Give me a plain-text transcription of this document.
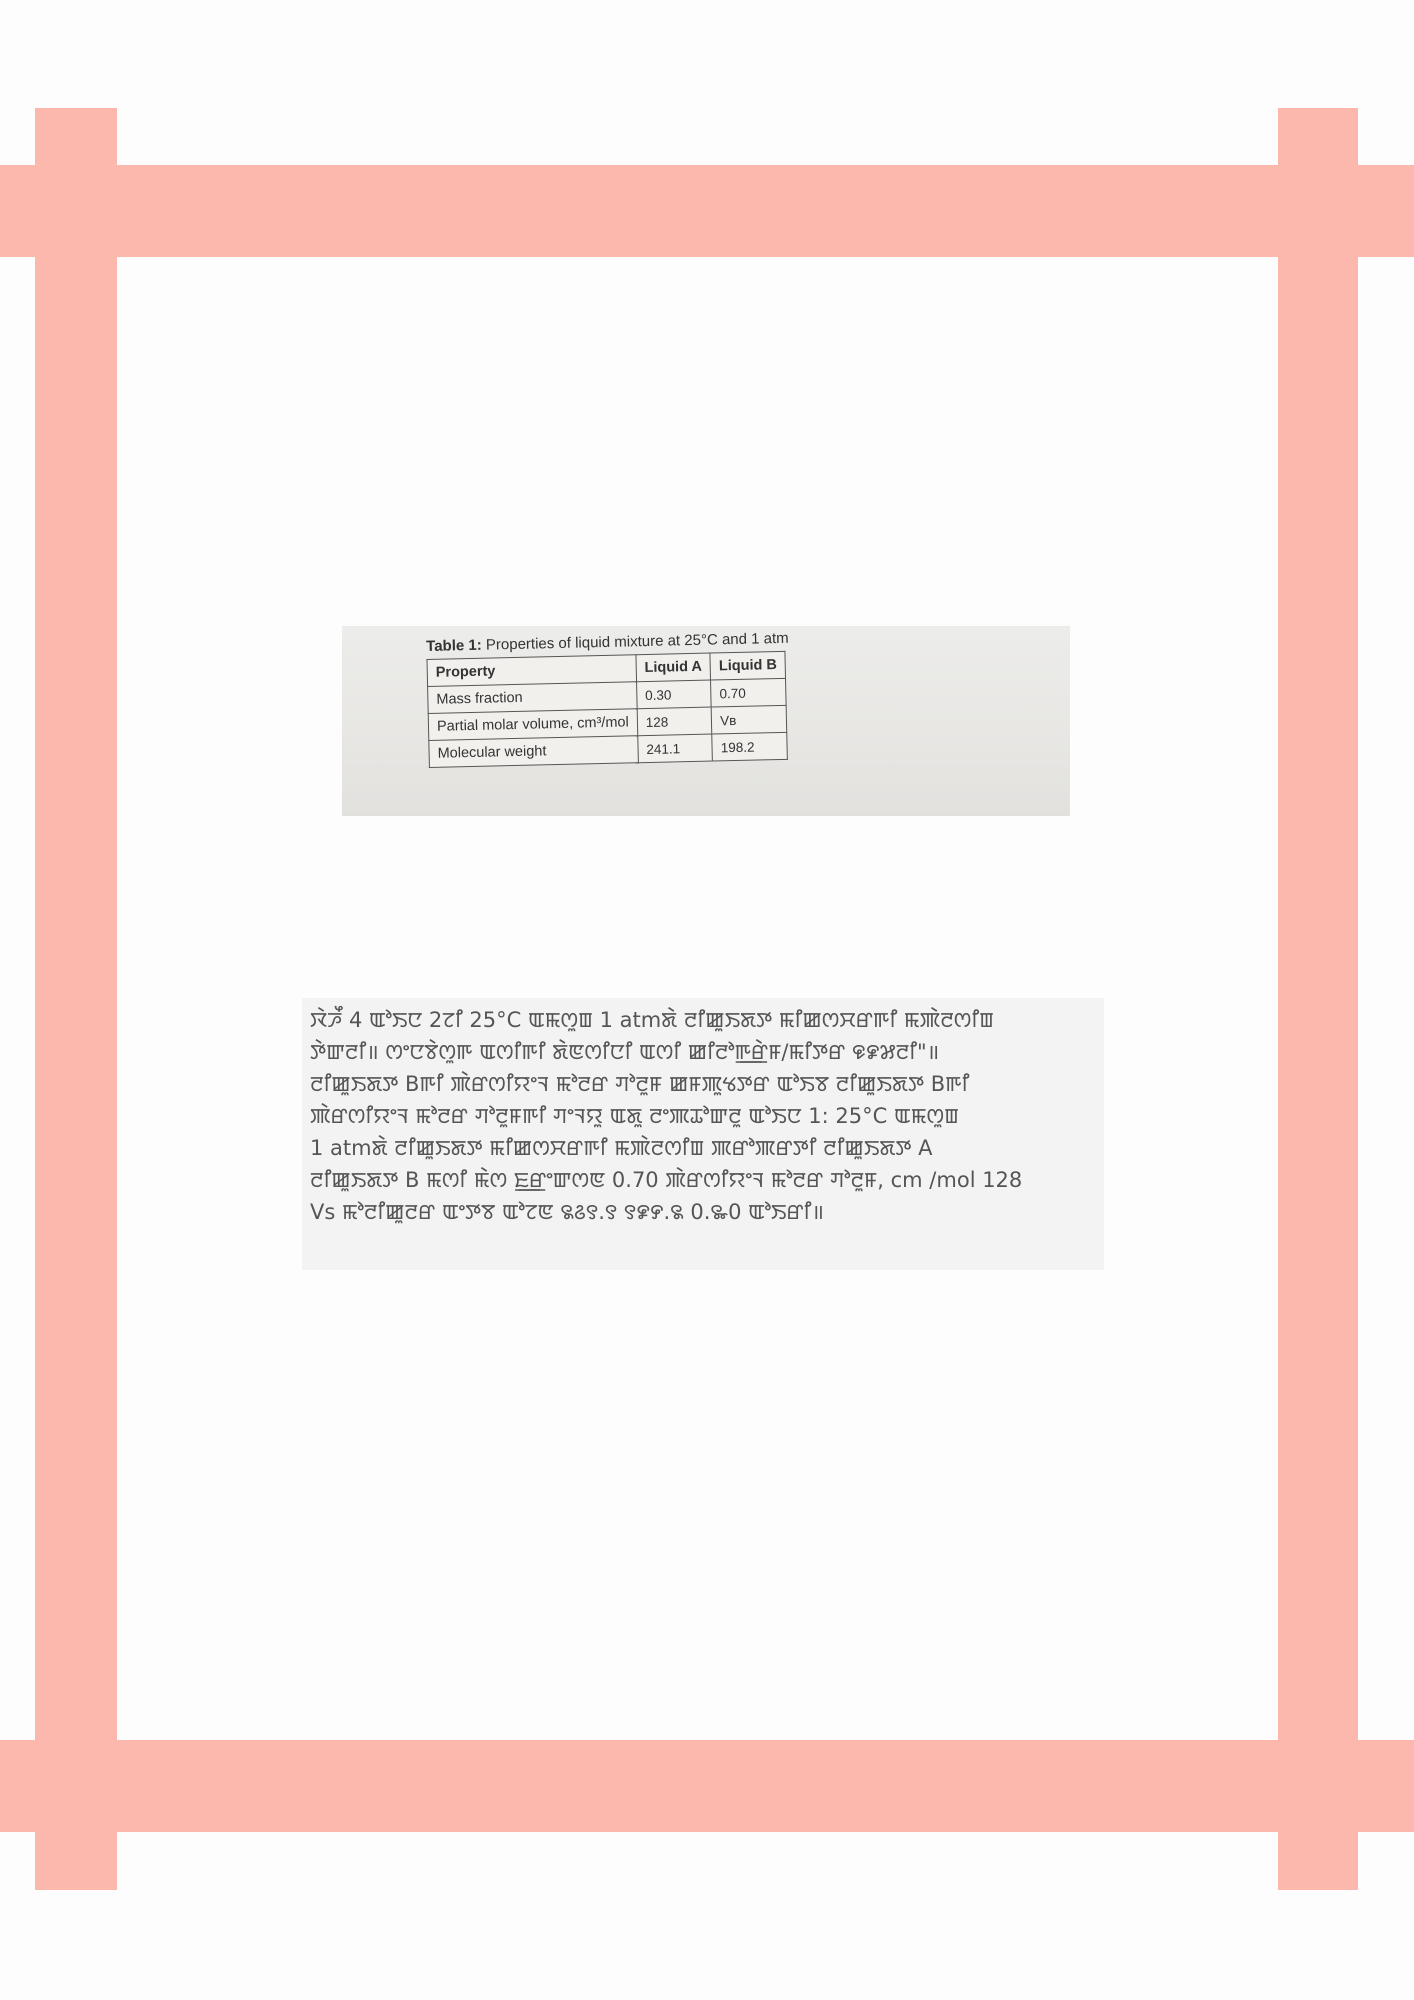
Table 1: Properties of liquid mixture at 25°C and 1 atm
Property	Liquid A	Liquid B
Mass fraction	0.30	0.70
Partial molar volume, cm³/mol	128	Vʙ
Molecular weight	241.1	198.2
ꯋꯥꯍꯩ 4 ꯑꯣꯏꯅ 2ꯖꯤ 25°C ꯑꯃꯁꯨꯡ 1 atmꯗꯥ ꯂꯤꯀꯨꯏꯗꯇ ꯃꯤꯀꯁꯆꯔꯒꯤ ꯃꯄꯥꯂꯁꯤꯡ
ꯇꯥꯛꯂꯤ॥ ꯁꯦꯅꯕꯥꯁꯨꯒ ꯑꯁꯤꯒꯤ ꯗꯥꯟꯁꯤꯅꯤ ꯑꯁꯤ ꯀꯤꯂꯣꯒ꯭ꯔꯥꯝ/ꯃꯤꯇꯔ ꯶꯹꯷ꯂꯤ"॥
ꯂꯤꯀꯨꯏꯗꯇ Bꯒꯤ ꯄꯥꯔꯁꯤꯌꯦꯜ ꯃꯣꯂꯔ ꯚꯣꯂꯨꯝ ꯀꯝꯄꯨꯠꯇꯔ ꯑꯣꯏꯕ ꯂꯤꯀꯨꯏꯗꯇ Bꯒꯤ
ꯄꯥꯔꯁꯤꯌꯦꯜ ꯃꯣꯂꯔ ꯚꯣꯂꯨꯝꯒꯤ ꯚꯦꯜꯌꯨ ꯑꯗꯨ ꯂꯦꯄꯊꯣꯛꯂꯨ ꯑꯣꯏꯅ 1: 25°C ꯑꯃꯁꯨꯡ
1 atmꯗꯥ ꯂꯤꯀꯨꯏꯗꯇ ꯃꯤꯀꯁꯆꯔꯒꯤ ꯃꯄꯥꯂꯁꯤꯡ ꯄꯔꯣꯄꯔꯇꯤ ꯂꯤꯀꯨꯏꯗꯇ A
ꯂꯤꯀꯨꯏꯗꯇ B ꯃꯁꯤ ꯃꯥꯁ ꯐ꯭ꯔꯦꯛꯁꯟ 0.70 ꯄꯥꯔꯁꯤꯌꯦꯜ ꯃꯣꯂꯔ ꯚꯣꯂꯨꯝ, cm /mol 128
Vs ꯃꯣꯂꯤꯀꯨꯂꯔ ꯑꯦꯇꯕ ꯑꯣꯖꯟ ꯲꯴꯱.꯱ ꯱꯹꯸.꯲ 0.꯳0 ꯑꯣꯏꯔꯤ॥
